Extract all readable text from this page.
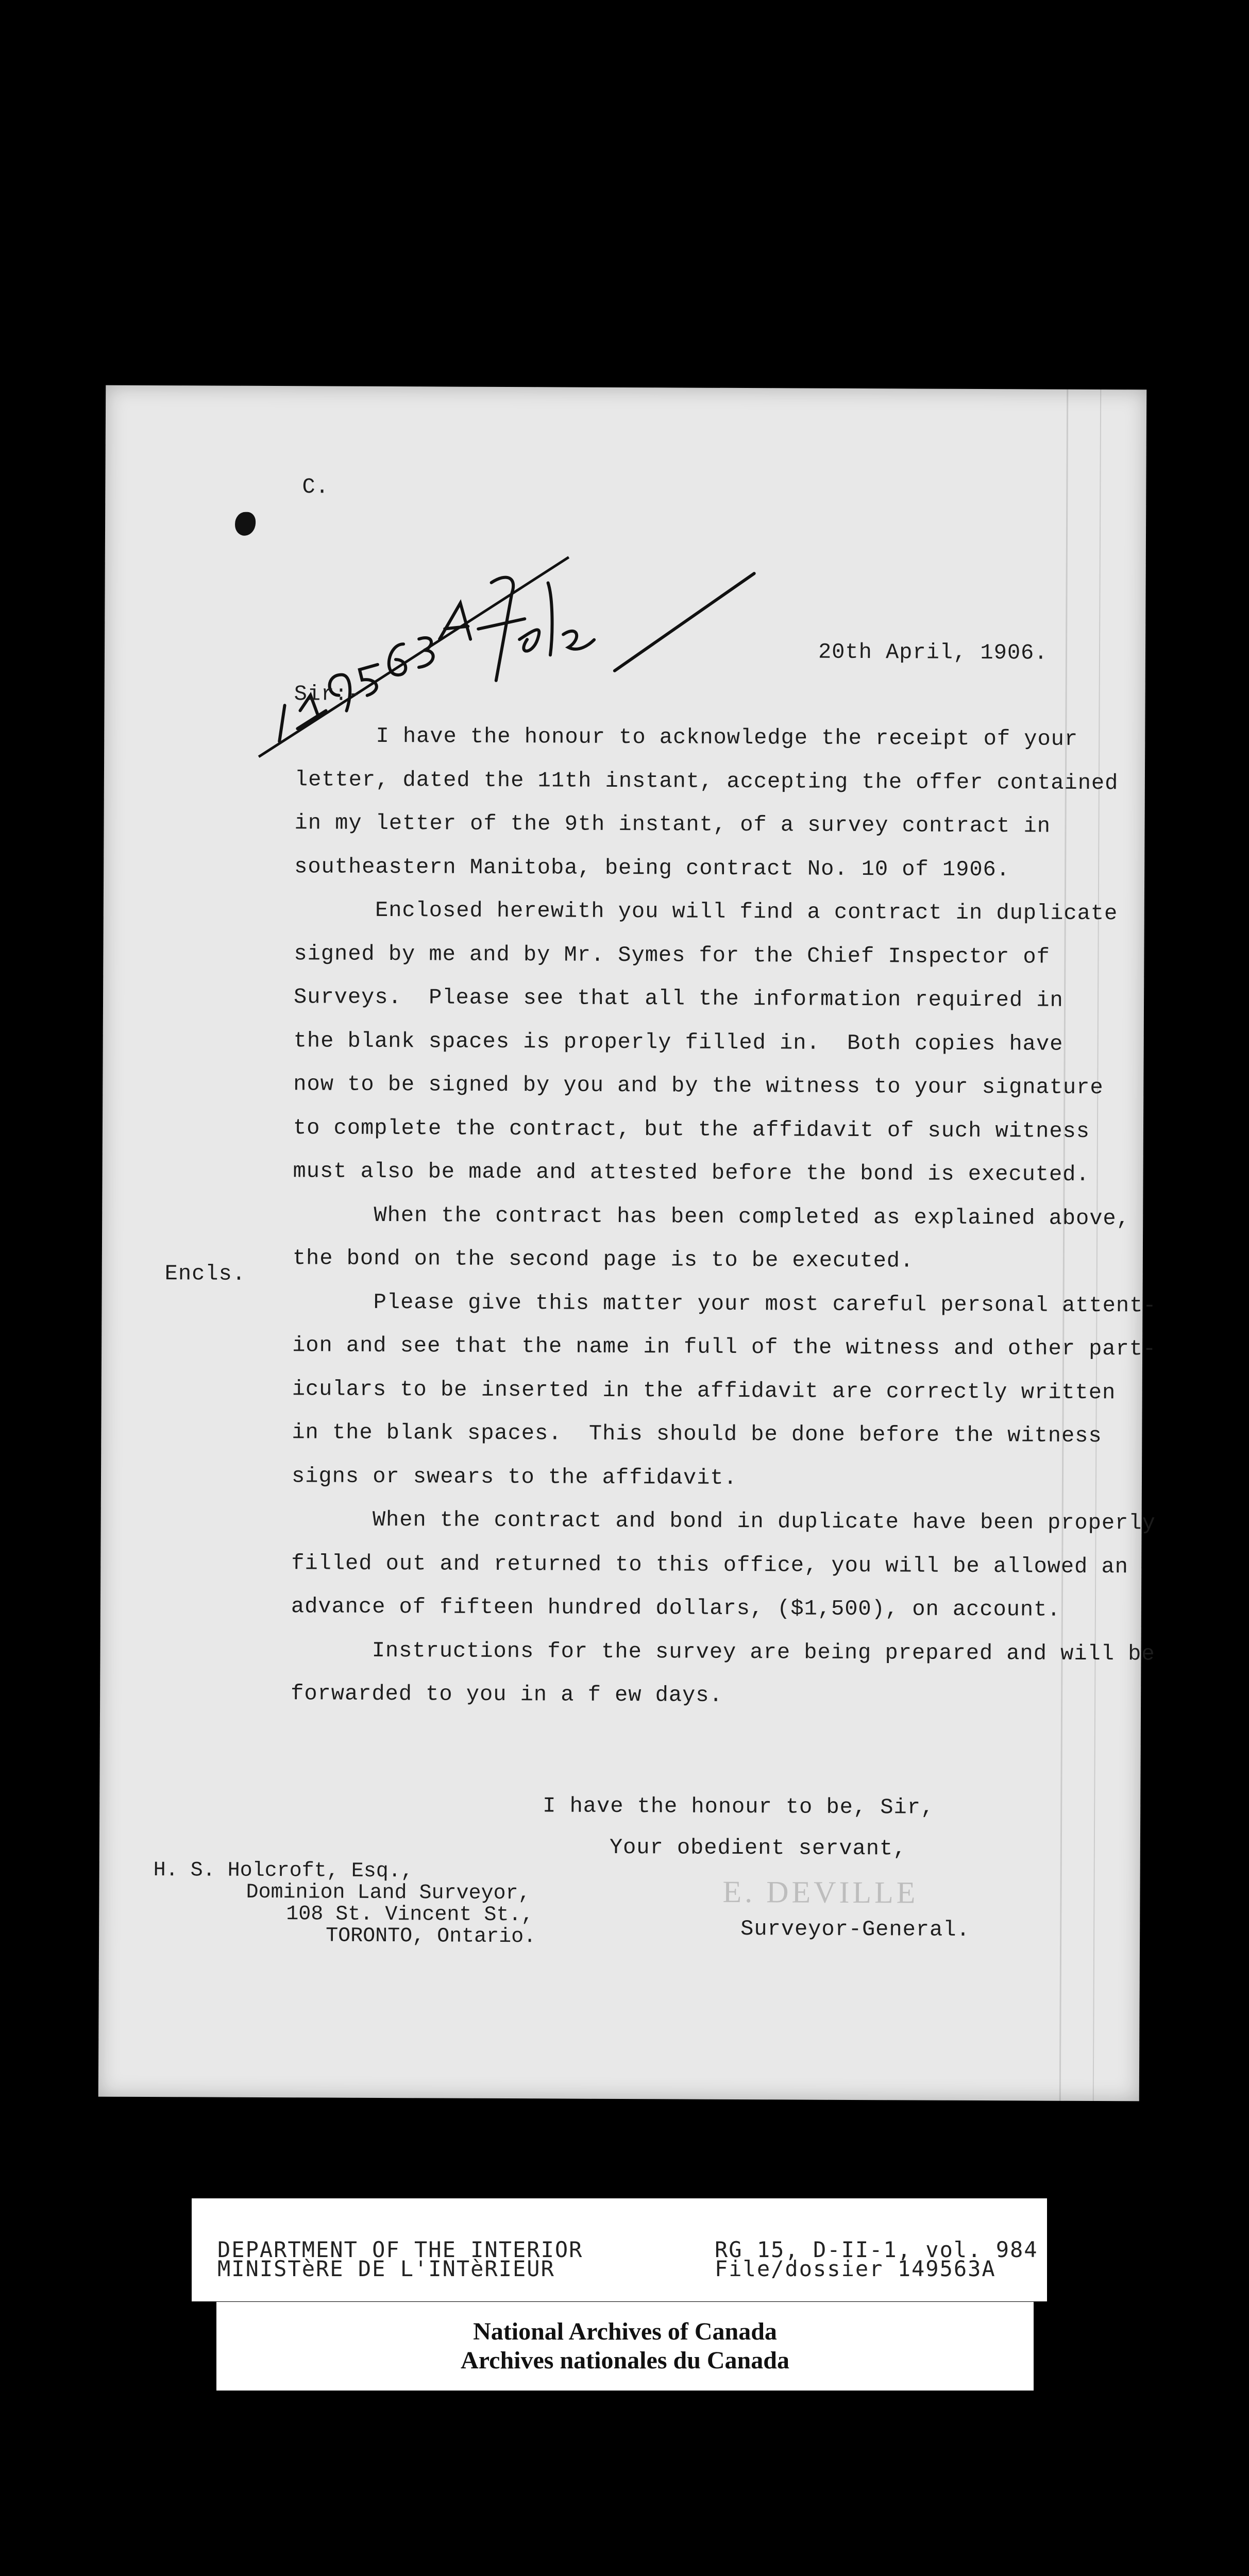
C.
20th April, 1906.
Sir:-
I have the honour to acknowledge the receipt of your
letter, dated the 11th instant, accepting the offer contained
in my letter of the 9th instant, of a survey contract in
southeastern Manitoba, being contract No. 10 of 1906.
Enclosed herewith you will find a contract in duplicate
signed by me and by Mr. Symes for the Chief Inspector of
Surveys.  Please see that all the information required in
the blank spaces is properly filled in.  Both copies have
now to be signed by you and by the witness to your signature
to complete the contract, but the affidavit of such witness
must also be made and attested before the bond is executed.
When the contract has been completed as explained above,
the bond on the second page is to be executed.
Please give this matter your most careful personal attent-
ion and see that the name in full of the witness and other part-
iculars to be inserted in the affidavit are correctly written
in the blank spaces.  This should be done before the witness
signs or swears to the affidavit.
When the contract and bond in duplicate have been properly
filled out and returned to this office, you will be allowed an
advance of fifteen hundred dollars, ($1,500), on account.
Instructions for the survey are being prepared and will be
forwarded to you in a f ew days.
Encls.
I have the honour to be, Sir,
Your obedient servant,
E. DEVILLE
Surveyor-General.
H. S. Holcroft, Esq.,
Dominion Land Surveyor,
108 St. Vincent St.,
TORONTO, Ontario.
DEPARTMENT OF THE INTERIOR
MINISTèRE DE L'INTèRIEUR
RG 15, D-II-1, vol. 984
File/dossier 149563A
National Archives of Canada
Archives nationales du Canada
